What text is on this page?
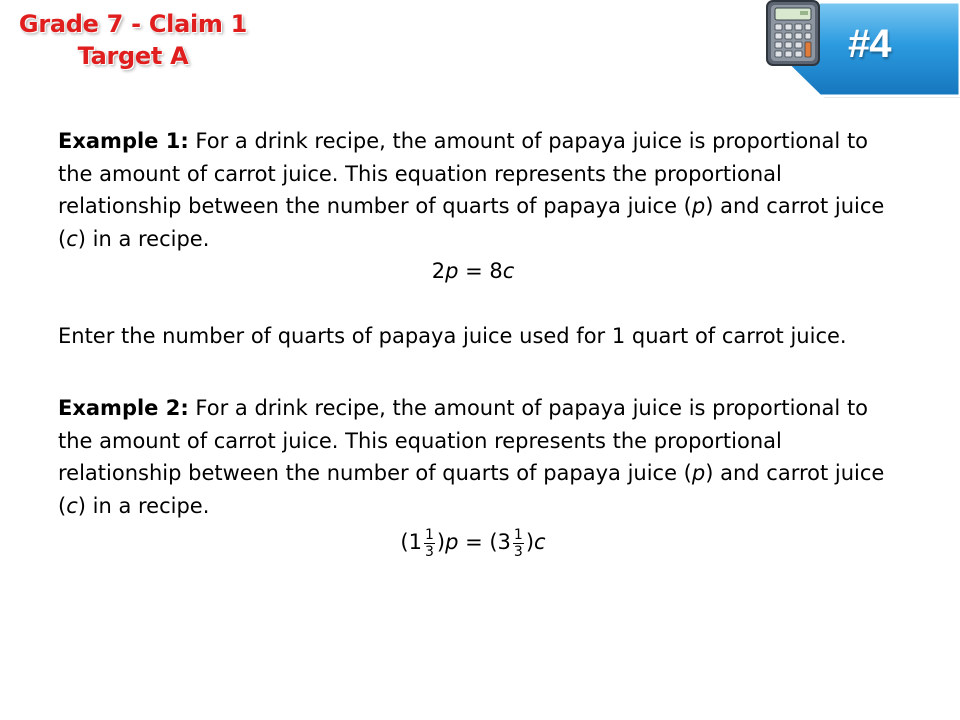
Grade 7 - Claim 1
Target A	#4

Example 1: For a drink recipe, the amount of papaya juice is proportional to the amount of carrot juice. This equation represents the proportional relationship between the number of quarts of papaya juice (p) and carrot juice (c) in a recipe.

2p = 8c

Enter the number of quarts of papaya juice used for 1 quart of carrot juice.

Example 2: For a drink recipe, the amount of papaya juice is proportional to the amount of carrot juice. This equation represents the proportional relationship between the number of quarts of papaya juice (p) and carrot juice (c) in a recipe.

$(1 \frac{1}{3} )p = (3 \frac{1}{3} )c$
